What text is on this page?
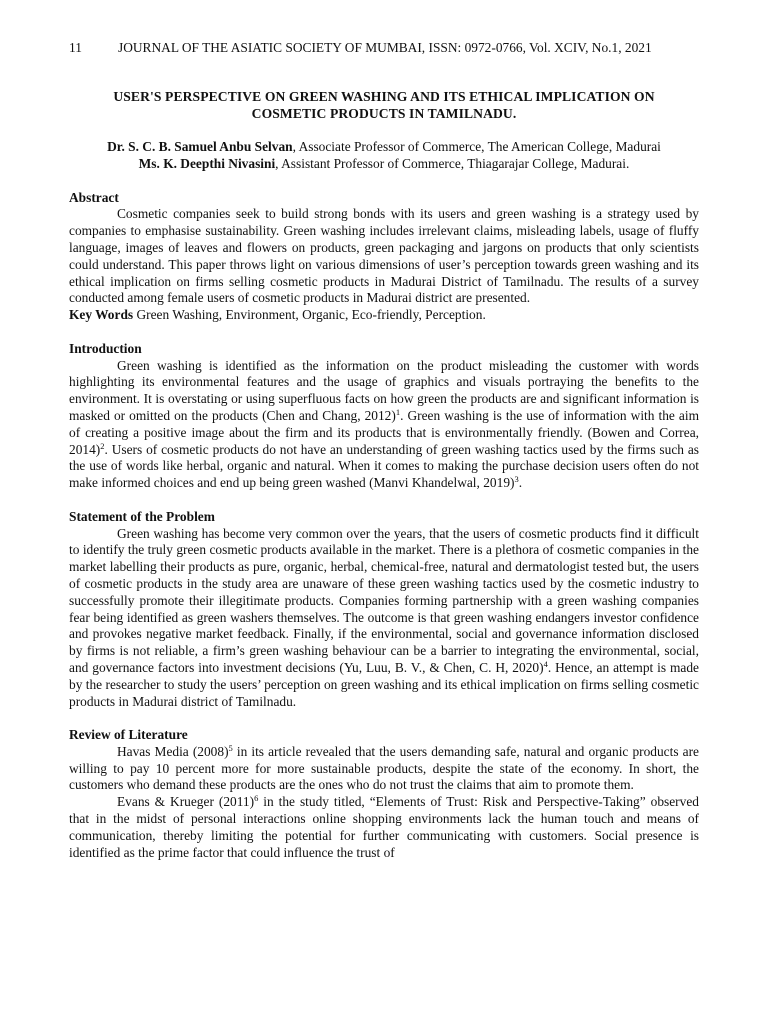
11	JOURNAL OF THE ASIATIC SOCIETY OF MUMBAI, ISSN: 0972-0766, Vol. XCIV, No.1, 2021
USER'S PERSPECTIVE ON GREEN WASHING AND ITS ETHICAL IMPLICATION ON
COSMETIC PRODUCTS IN TAMILNADU.

Dr. S. C. B. Samuel Anbu Selvan, Associate Professor of Commerce, The American College, Madurai

Ms. K. Deepthi Nivasini, Assistant Professor of Commerce, Thiagarajar College, Madurai.

Abstract

Cosmetic companies seek to build strong bonds with its users and green washing is a strategy used by companies to emphasise sustainability. Green washing includes irrelevant claims, misleading labels, usage of fluffy language, images of leaves and flowers on products, green packaging and jargons on products that only scientists could understand. This paper throws light on various dimensions of user’s perception towards green washing and its ethical implication on firms selling cosmetic products in Madurai District of Tamilnadu. The results of a survey conducted among female users of cosmetic products in Madurai district are presented.

Key Words Green Washing, Environment, Organic, Eco-friendly, Perception.

Introduction

Green washing is identified as the information on the product misleading the customer with words highlighting its environmental features and the usage of graphics and visuals portraying the benefits to the environment. It is overstating or using superfluous facts on how green the products are and significant information is masked or omitted on the products (Chen and Chang, 2012)$^1$. Green washing is the use of information with the aim of creating a positive image about the firm and its products that is environmentally friendly. (Bowen and Correa, 2014)$^2$. Users of cosmetic products do not have an understanding of green washing tactics used by the firms such as the use of words like herbal, organic and natural. When it comes to making the purchase decision users often do not make informed choices and end up being green washed (Manvi Khandelwal, 2019)$^3$.

Statement of the Problem

Green washing has become very common over the years, that the users of cosmetic products find it difficult to identify the truly green cosmetic products available in the market. There is a plethora of cosmetic companies in the market labelling their products as pure, organic, herbal, chemical-free, natural and dermatologist tested but, the users of cosmetic products in the study area are unaware of these green washing tactics used by the cosmetic industry to successfully promote their illegitimate products. Companies forming partnership with a green washing companies fear being identified as green washers themselves. The outcome is that green washing endangers investor confidence and provokes negative market feedback. Finally, if the environmental, social and governance information disclosed by firms is not reliable, a firm’s green washing behaviour can be a barrier to integrating the environmental, social, and governance factors into investment decisions (Yu, Luu, B. V., & Chen, C. H, 2020)$^4$. Hence, an attempt is made by the researcher to study the users’ perception on green washing and its ethical implication on firms selling cosmetic products in Madurai district of Tamilnadu.

Review of Literature

Havas Media $(2008)^5$ in its article revealed that the users demanding safe, natural and organic products are willing to pay 10 percent more for more sustainable products, despite the state of the economy. In short, the customers who demand these products are the ones who do not trust the claims that aim to promote them.

Evans & Krueger $(2011)^6$ in the study titled, “Elements of Trust: Risk and Perspective-Taking” observed that in the midst of personal interactions online shopping environments lack the human touch and means of communication, thereby limiting the potential for further communicating with customers. Social presence is identified as the prime factor that could influence the trust of
